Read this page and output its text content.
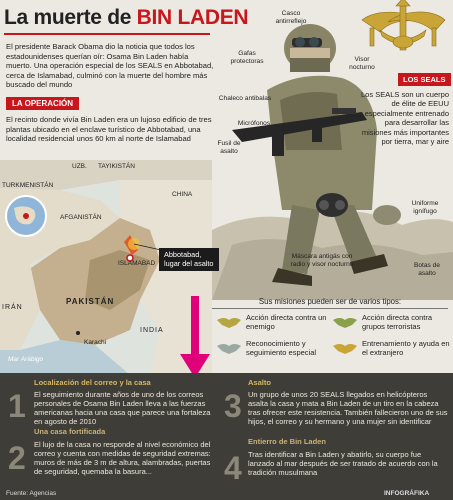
La muerte de BIN LADEN
El presidente Barack Obama dio la noticia que todos los estadounidenses querían oír: Osama Bin Laden había muerto. Una operación especial de los SEALS en Abbotabad, cerca de Islamabad, culminó con la muerte del hombre más buscado del mundo
LA OPERACIÓN
El recinto donde vivía Bin Laden era un lujoso edificio de tres plantas ubicado en el enclave turístico de Abbotabad, una localidad residencial unos 60 km al norte de Islamabad
Casco antirreflejo
Gafas protectoras	Visor nocturno
Chaleco antibalas
Micrófonos
Fusil de asalto
Uniforme ignífugo
Máscara antigás con radio y visor nocturno	Botas de asalto
LOS SEALS
Los SEALS son un cuerpo de élite de EEUU especialmente entrenado para desarrollar las misiones más importantes por tierra, mar y aire
UZB. TAYIKISTÁN
TURKMENISTÁN
AFGANISTÁN
CHINA
ISLAMABAD
PAKISTÁN
IRÁN
INDIA
Karachi
Mar Arábigo
Abbotabad,
lugar del asalto
Sus misiones pueden ser de varios tipos:
Acción directa contra un enemigo
Acción directa contra grupos terroristas
Reconocimiento y seguimiento especial
Entrenamiento y ayuda en el extranjero
Localización del correo y la casa
1 El seguimiento durante años de uno de los correos personales de Osama Bin Laden lleva a las fuerzas americanas hacia una casa que parece una fortaleza en agosto de 2010
Una casa fortificada
2 El lujo de la casa no responde al nivel económico del correo y cuenta con medidas de seguridad extremas: muros de más de 3 m de altura, alambradas, puertas de seguridad, quemaba la basura...
Asalto
3 Un grupo de unos 20 SEALS llegados en helicópteros asalta la casa y mata a Bin Laden de un tiro en la cabeza tras ofrecer este resistencia. También fallecieron uno de sus hijos, el correo y su hermano y una mujer sin identificar
Entierro de Bin Laden
4 Tras identificar a Bin Laden y abatirlo, su cuerpo fue lanzado al mar después de ser tratado de acuerdo con la tradición musulmana
Fuente: Agencias	INFOGRÁFIKA
